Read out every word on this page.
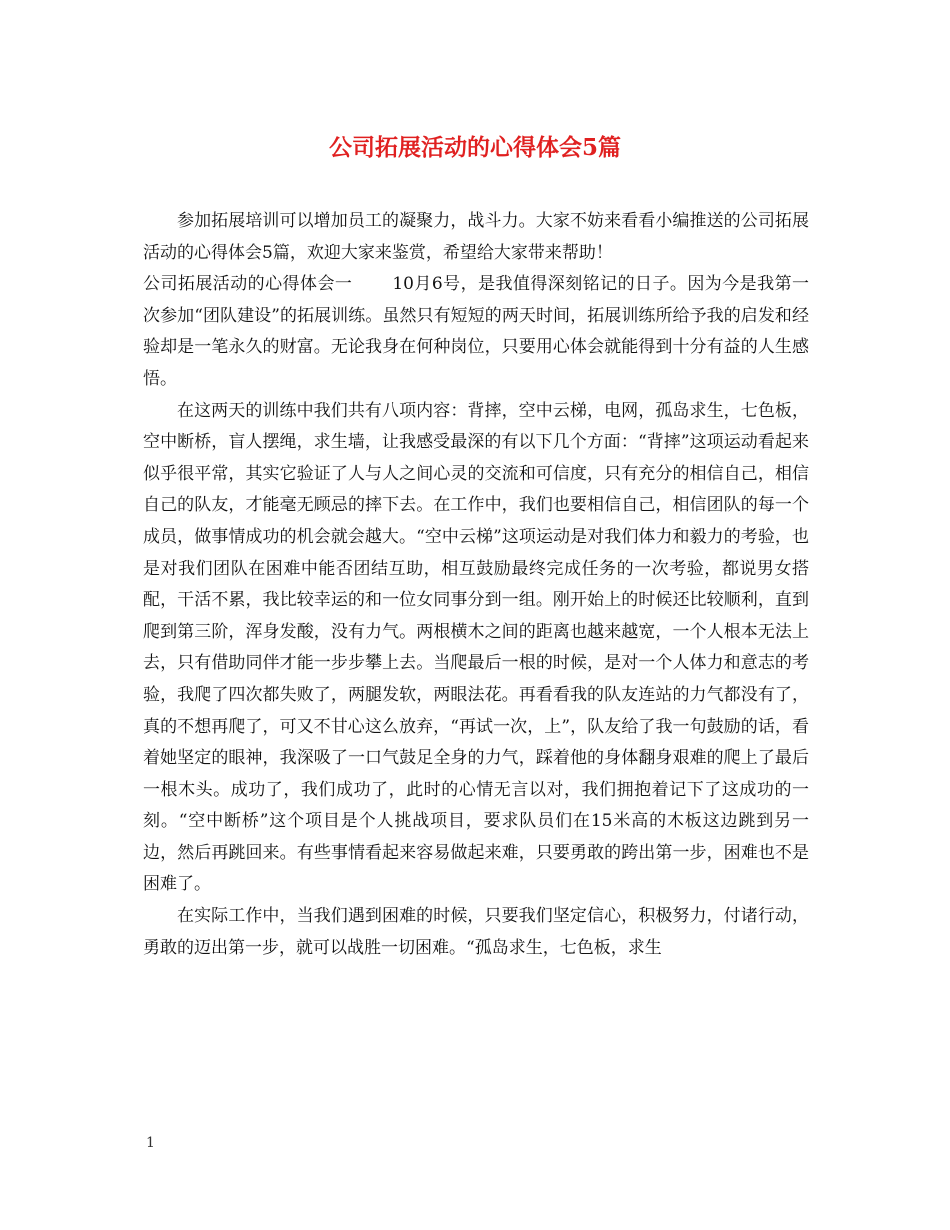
公司拓展活动的心得体会5篇

参加拓展培训可以增加员工的凝聚力，战斗力。大家不妨来看看小编推送的公司拓展活动的心得体会5篇，欢迎大家来鉴赏，希望给大家带来帮助！

公司拓展活动的心得体会一 10月6号，是我值得深刻铭记的日子。因为今是我第一次参加“团队建设”的拓展训练。虽然只有短短的两天时间，拓展训练所给予我的启发和经验却是一笔永久的财富。无论我身在何种岗位，只要用心体会就能得到十分有益的人生感悟。

在这两天的训练中我们共有八项内容：背摔，空中云梯，电网，孤岛求生，七色板，空中断桥，盲人摆绳，求生墙，让我感受最深的有以下几个方面：“背摔”这项运动看起来似乎很平常，其实它验证了人与人之间心灵的交流和可信度，只有充分的相信自己，相信自己的队友，才能毫无顾忌的摔下去。在工作中，我们也要相信自己，相信团队的每一个成员，做事情成功的机会就会越大。“空中云梯”这项运动是对我们体力和毅力的考验，也是对我们团队在困难中能否团结互助，相互鼓励最终完成任务的一次考验，都说男女搭配，干活不累，我比较幸运的和一位女同事分到一组。刚开始上的时候还比较顺利，直到爬到第三阶，浑身发酸，没有力气。两根横木之间的距离也越来越宽，一个人根本无法上去，只有借助同伴才能一步步攀上去。当爬最后一根的时候，是对一个人体力和意志的考验，我爬了四次都失败了，两腿发软，两眼法花。再看看我的队友连站的力气都没有了，真的不想再爬了，可又不甘心这么放弃，“再试一次，上”，队友给了我一句鼓励的话，看着她坚定的眼神，我深吸了一口气鼓足全身的力气，踩着他的身体翻身艰难的爬上了最后一根木头。成功了，我们成功了，此时的心情无言以对，我们拥抱着记下了这成功的一刻。“空中断桥”这个项目是个人挑战项目，要求队员们在15米高的木板这边跳到另一边，然后再跳回来。有些事情看起来容易做起来难，只要勇敢的跨出第一步，困难也不是困难了。

在实际工作中，当我们遇到困难的时候，只要我们坚定信心，积极努力，付诸行动，勇敢的迈出第一步，就可以战胜一切困难。“孤岛求生，七色板，求生

1
